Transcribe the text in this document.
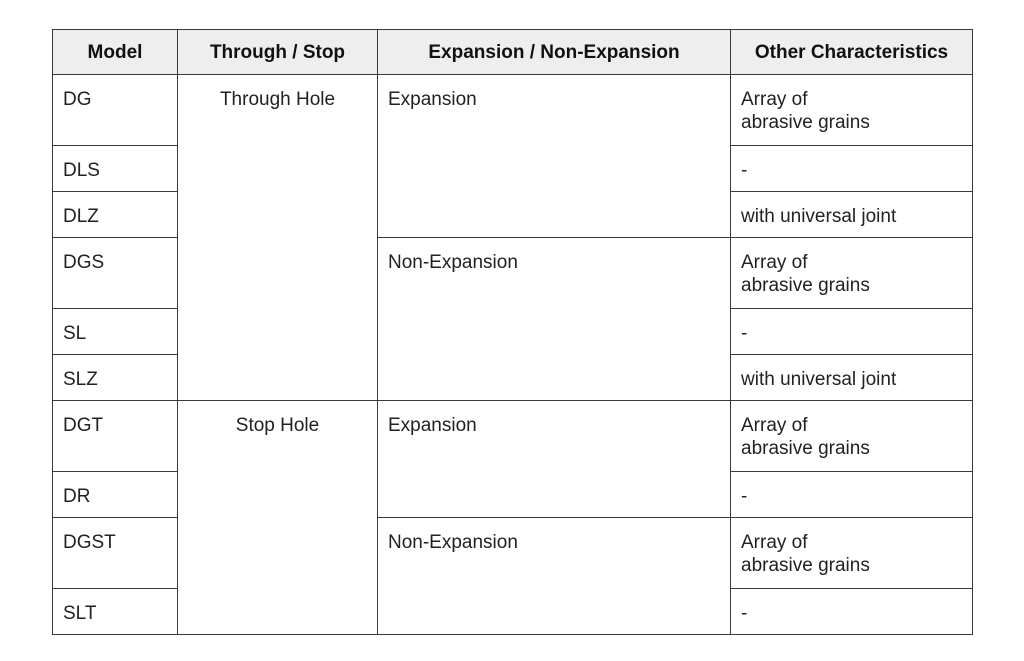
Model	Through / Stop	Expansion / Non-Expansion	Other Characteristics
DG	Through Hole	Expansion	Array of
abrasive grains

DLS			-
DLZ			with universal joint
DGS		Non-Expansion	Array of
abrasive grains

SL			-
SLZ			with universal joint
DGT	Stop Hole	Expansion	Array of
abrasive grains

DR			-
DGST		Non-Expansion	Array of
abrasive grains

SLT			-
